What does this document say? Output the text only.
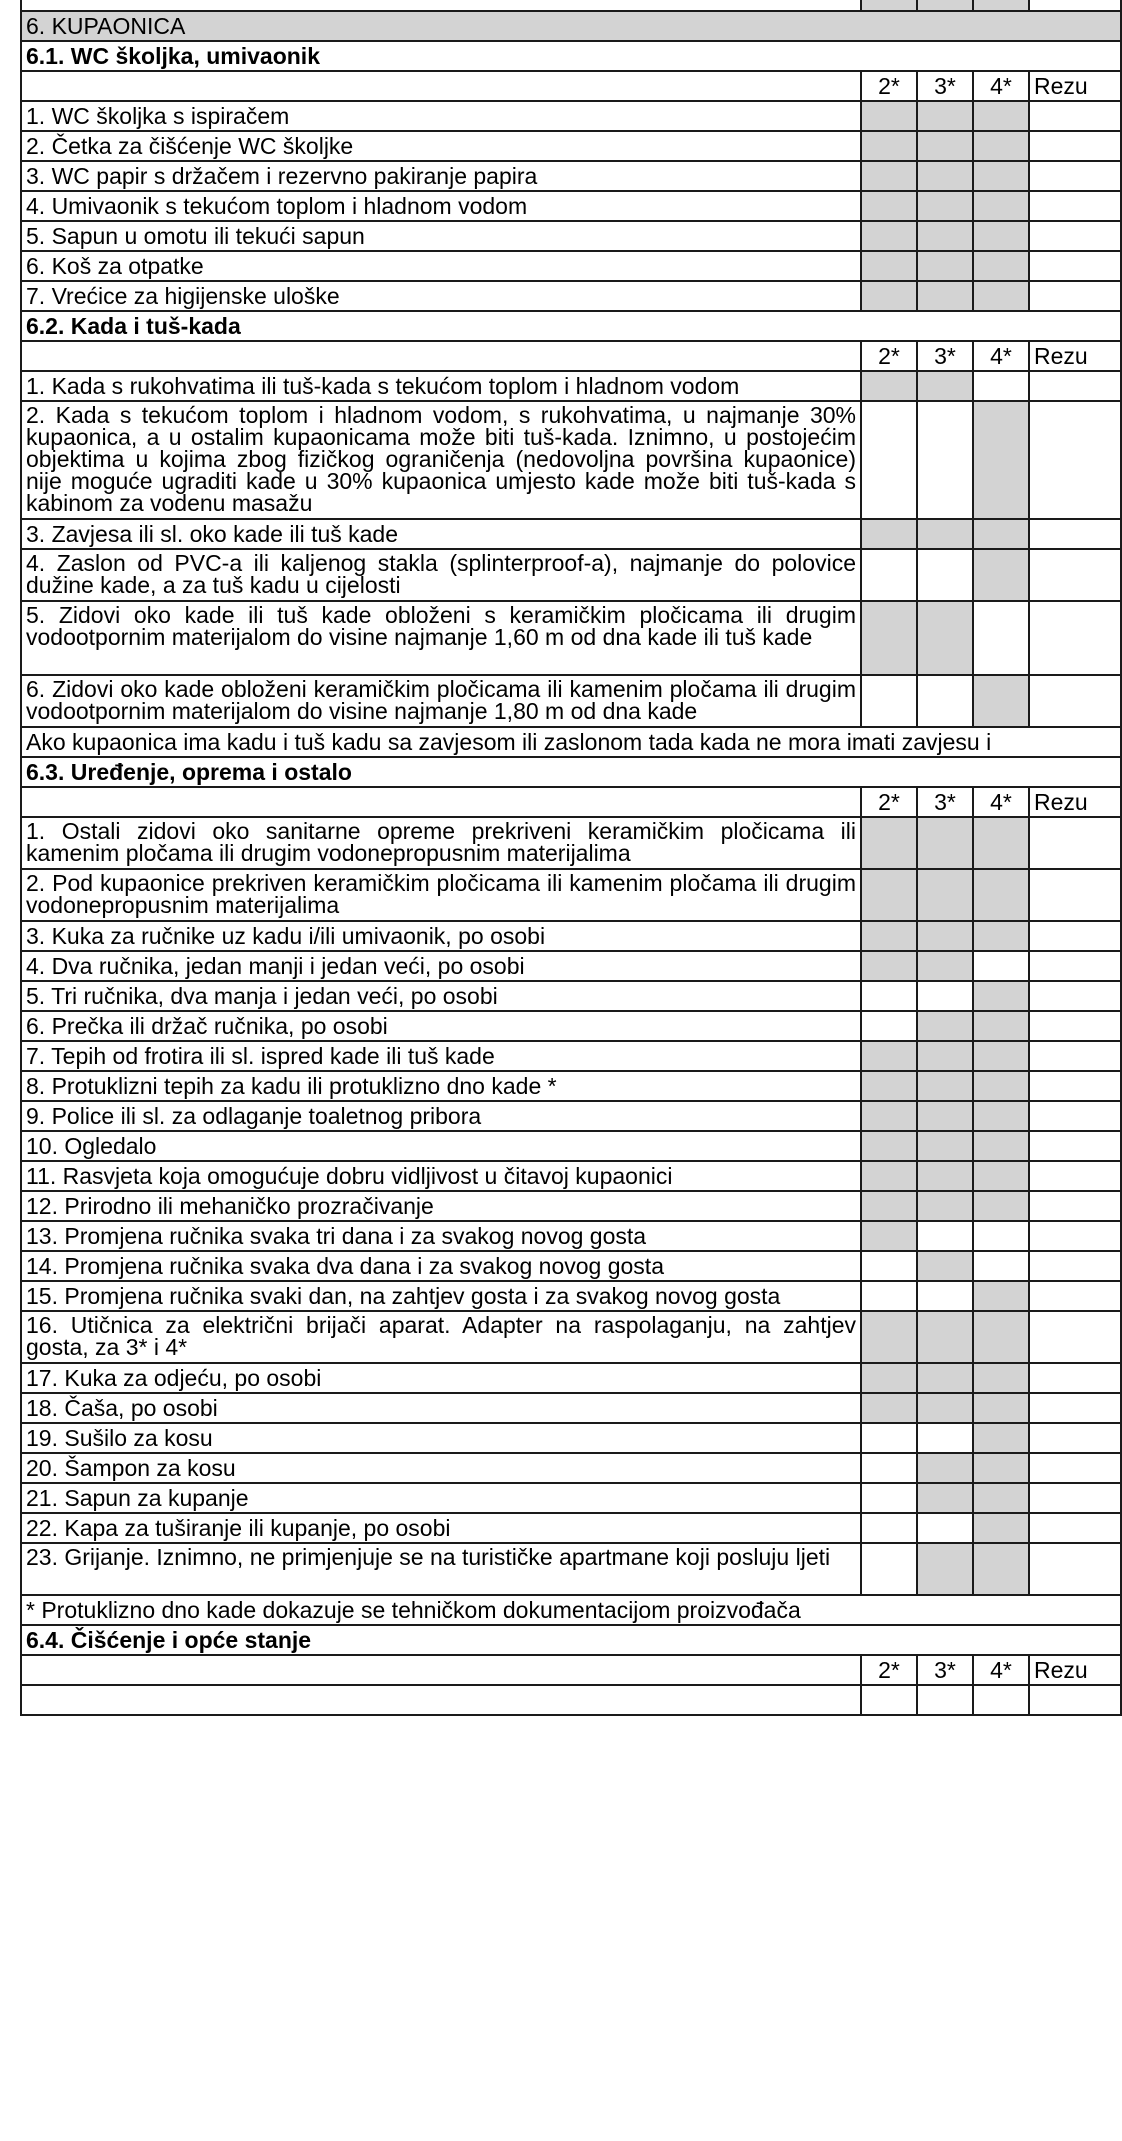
6. KUPAONICA				
6.1. WC školjka, umivaonik				
	2*	3*	4*	Rezu
1. WC školjka s ispiračem				
2. Četka za čišćenje WC školjke				
3. WC papir s držačem i rezervno pakiranje papira				
4. Umivaonik s tekućom toplom i hladnom vodom				
5. Sapun u omotu ili tekući sapun				
6. Koš za otpatke				
7. Vrećice za higijenske uloške				
6.2. Kada i tuš-kada				
	2*	3*	4*	Rezu
1. Kada s rukohvatima ili tuš-kada s tekućom toplom i hladnom vodom				
2. Kada s tekućom toplom i hladnom vodom, s rukohvatima, u najmanje 30% kupaonica, a u ostalim kupaonicama može biti tuš-kada. Iznimno, u postojećim objektima u kojima zbog fizičkog ograničenja (nedovoljna površina kupaonice) nije moguće ugraditi kade u 30% kupaonica umjesto kade može biti tuš-kada s kabinom za vodenu masažu				
3. Zavjesa ili sl. oko kade ili tuš kade				
4. Zaslon od PVC-a ili kaljenog stakla (splinterproof-a), najmanje do polovice dužine kade, a za tuš kadu u cijelosti				
5. Zidovi oko kade ili tuš kade obloženi s keramičkim pločicama ili drugim vodootpornim materijalom do visine najmanje 1,60 m od dna kade ili tuš kade				
6. Zidovi oko kade obloženi keramičkim pločicama ili kamenim pločama ili drugim vodootpornim materijalom do visine najmanje 1,80 m od dna kade				
Ako kupaonica ima kadu i tuš kadu sa zavjesom ili zaslonom tada kada ne mora imati zavjesu i				
6.3. Uređenje, oprema i ostalo				
	2*	3*	4*	Rezu
1. Ostali zidovi oko sanitarne opreme prekriveni keramičkim pločicama ili kamenim pločama ili drugim vodonepropusnim materijalima				
2. Pod kupaonice prekriven keramičkim pločicama ili kamenim pločama ili drugim vodonepropusnim materijalima				
3. Kuka za ručnike uz kadu i/ili umivaonik, po osobi				
4. Dva ručnika, jedan manji i jedan veći, po osobi				
5. Tri ručnika, dva manja i jedan veći, po osobi				
6. Prečka ili držač ručnika, po osobi				
7. Tepih od frotira ili sl. ispred kade ili tuš kade				
8. Protuklizni tepih za kadu ili protuklizno dno kade *				
9. Police ili sl. za odlaganje toaletnog pribora				
10. Ogledalo				
11. Rasvjeta koja omogućuje dobru vidljivost u čitavoj kupaonici				
12. Prirodno ili mehaničko prozračivanje				
13. Promjena ručnika svaka tri dana i za svakog novog gosta				
14. Promjena ručnika svaka dva dana i za svakog novog gosta				
15. Promjena ručnika svaki dan, na zahtjev gosta i za svakog novog gosta				
16. Utičnica za električni brijači aparat. Adapter na raspolaganju, na zahtjev gosta, za 3* i 4*				
17. Kuka za odjeću, po osobi				
18. Čaša, po osobi				
19. Sušilo za kosu				
20. Šampon za kosu				
21. Sapun za kupanje				
22. Kapa za tuširanje ili kupanje, po osobi				
23. Grijanje. Iznimno, ne primjenjuje se na turističke apartmane koji posluju ljeti				
* Protuklizno dno kade dokazuje se tehničkom dokumentacijom proizvođača				
6.4. Čišćenje i opće stanje				
	2*	3*	4*	Rezu
